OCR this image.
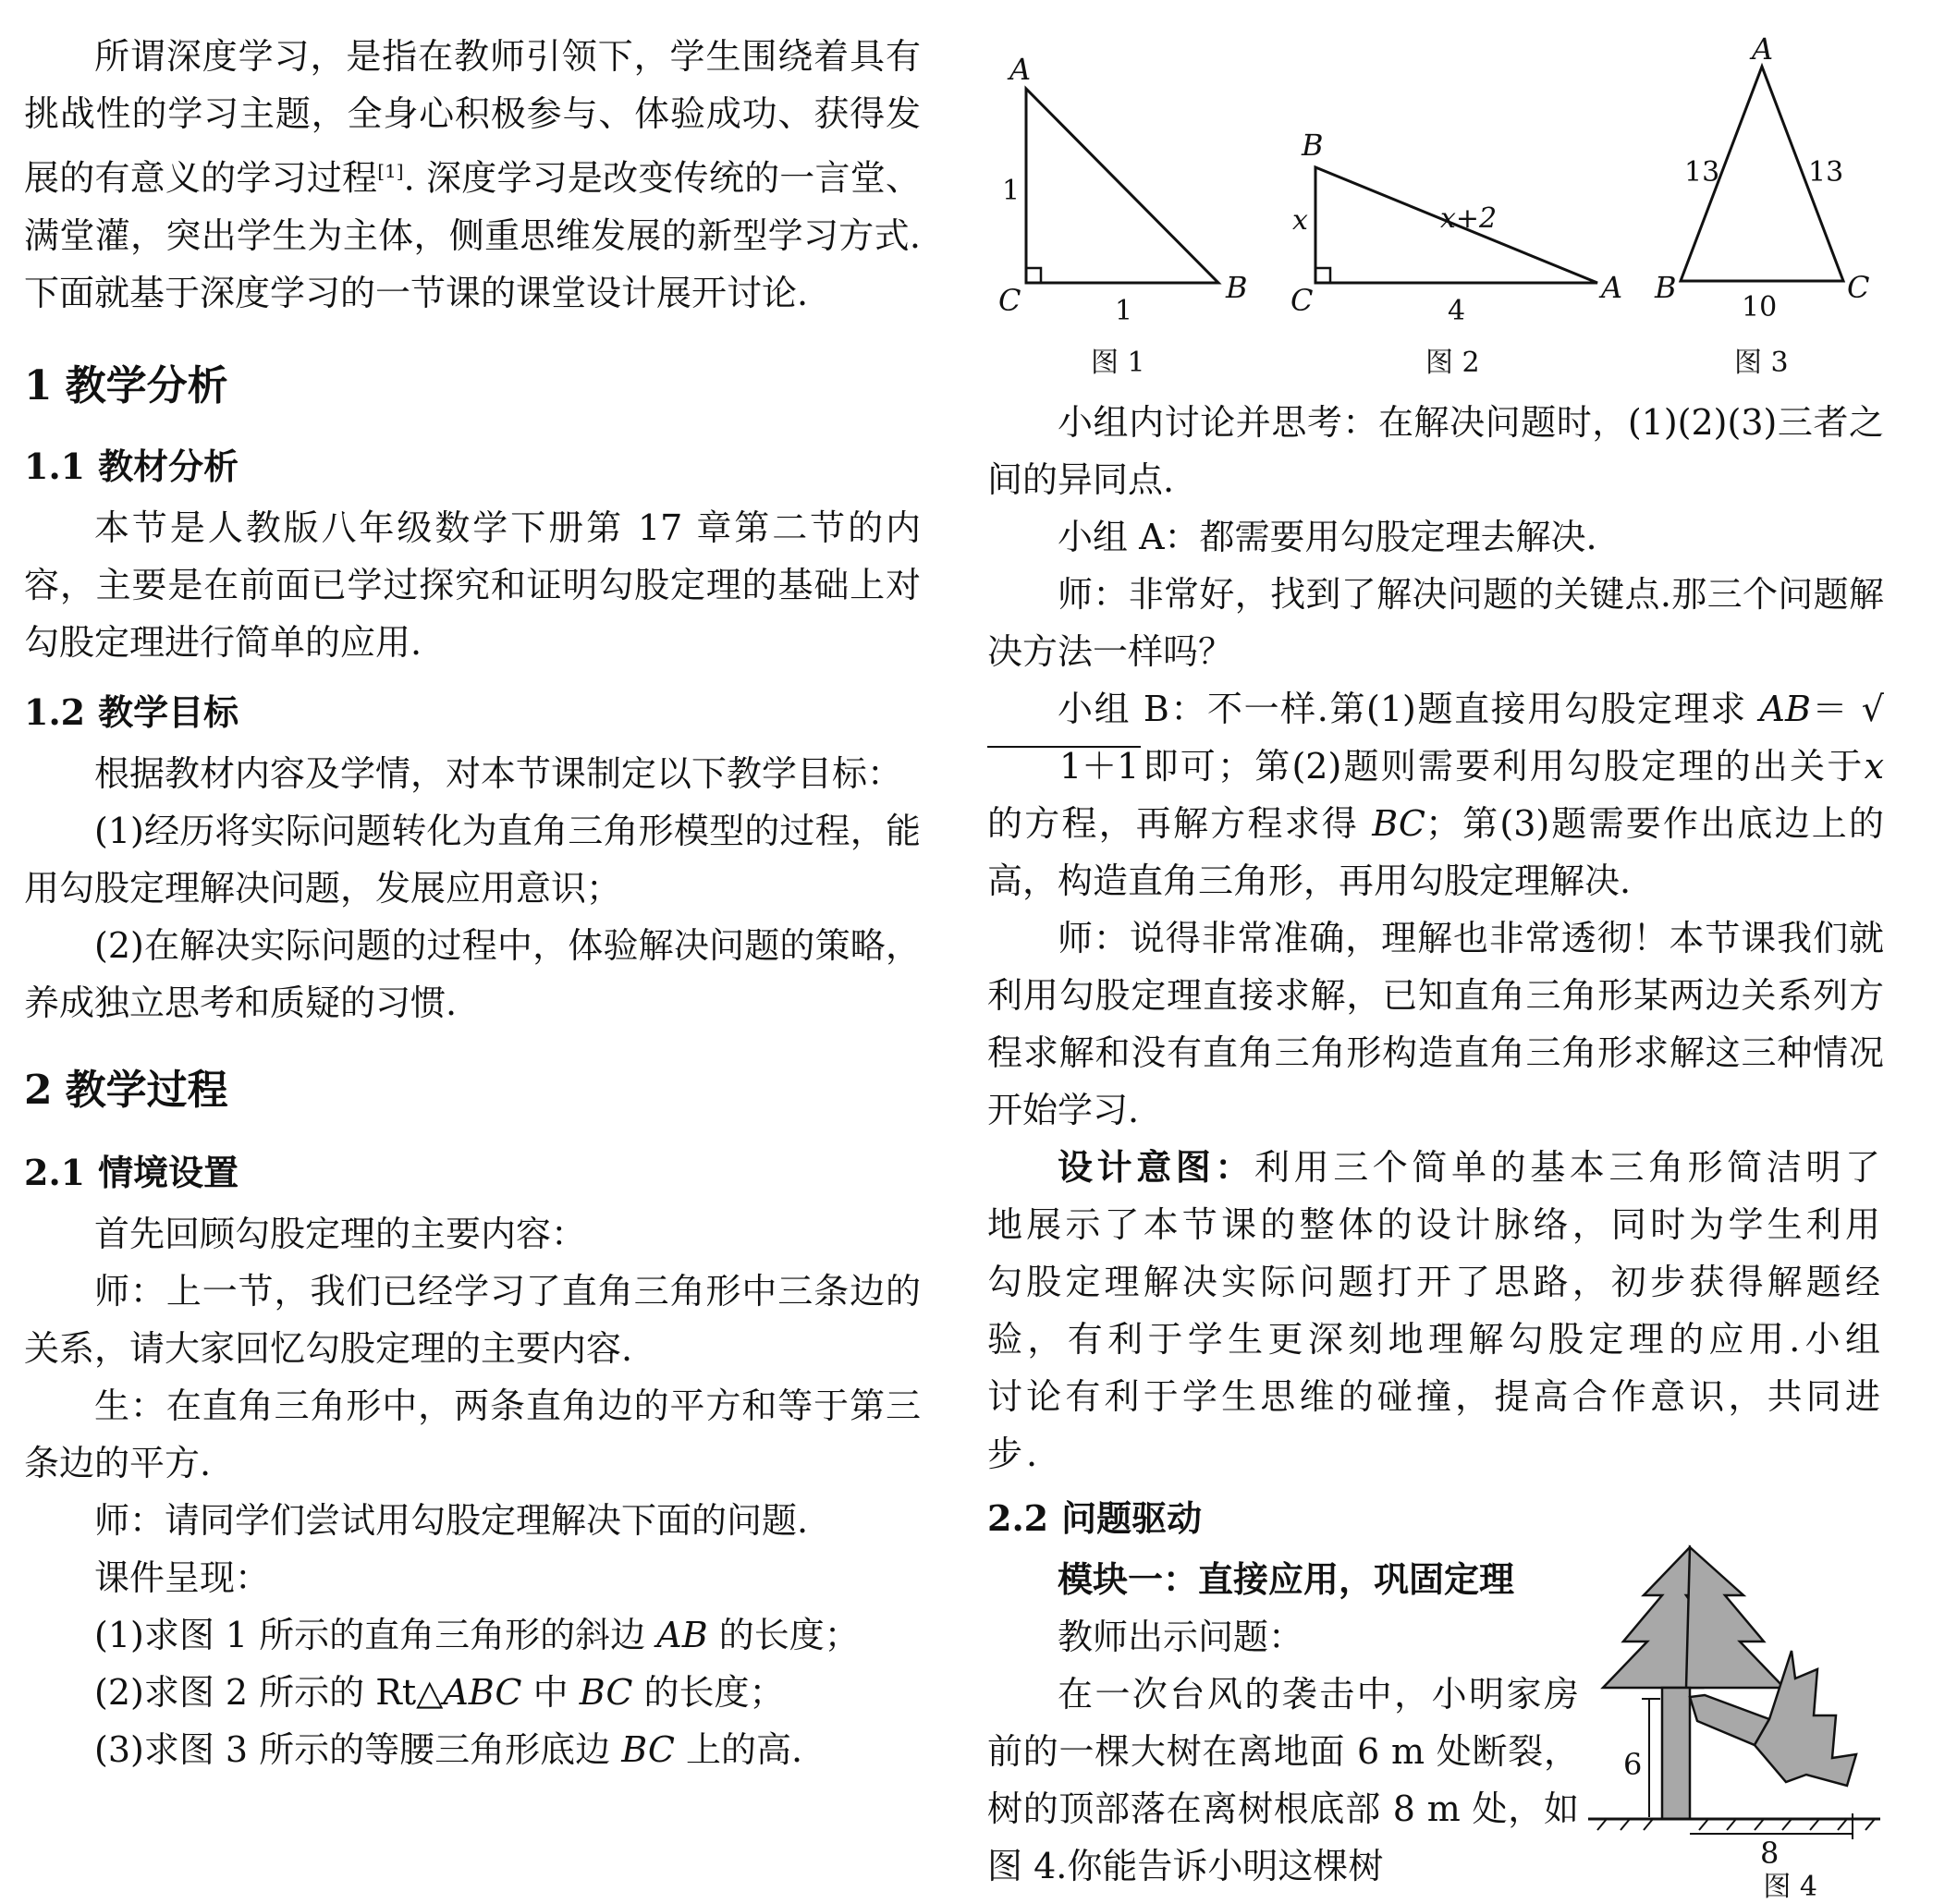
所谓深度学习，是指在教师引领下，学生围绕着具有挑战性的学习主题，全身心积极参与、体验成功、获得发展的有意义的学习过程[1]. 深度学习是改变传统的一言堂、满堂灌，突出学生为主体，侧重思维发展的新型学习方式.下面就基于深度学习的一节课的课堂设计展开讨论.

1 教学分析
1.1 教材分析

本节是人教版八年级数学下册第 17 章第二节的内容，主要是在前面已学过探究和证明勾股定理的基础上对勾股定理进行简单的应用.

1.2 教学目标

根据教材内容及学情，对本节课制定以下教学目标：

(1)经历将实际问题转化为直角三角形模型的过程，能用勾股定理解决问题，发展应用意识；

(2)在解决实际问题的过程中，体验解决问题的策略，养成独立思考和质疑的习惯.

2 教学过程
2.1 情境设置

首先回顾勾股定理的主要内容：

师：上一节，我们已经学习了直角三角形中三条边的关系，请大家回忆勾股定理的主要内容.

生：在直角三角形中，两条直角边的平方和等于第三条边的平方.

师：请同学们尝试用勾股定理解决下面的问题.

课件呈现：

(1)求图 1 所示的直角三角形的斜边 AB 的长度；

(2)求图 2 所示的 Rt△ABC 中 BC 的长度；

(3)求图 3 所示的等腰三角形底边 BC 上的高.

A
C	B
1
1
图 1
B
C	A
x	x+2
4
图 2
A
B	C
13	13
10
图 3

小组内讨论并思考：在解决问题时，(1)(2)(3)三者之间的异同点.

小组 A：都需要用勾股定理去解决.

师：非常好，找到了解决问题的关键点.那三个问题解决方法一样吗？

小组 B：不一样.第(1)题直接用勾股定理求 AB＝ √1＋1即可；第(2)题则需要利用勾股定理的出关于x 的方程，再解方程求得 BC；第(3)题需要作出底边上的高，构造直角三角形，再用勾股定理解决.

师：说得非常准确，理解也非常透彻！本节课我们就利用勾股定理直接求解，已知直角三角形某两边关系列方程求解和没有直角三角形构造直角三角形求解这三种情况开始学习.

设计意图：利用三个简单的基本三角形简洁明了地展示了本节课的整体的设计脉络，同时为学生利用勾股定理解决实际问题打开了思路，初步获得解题经验，有利于学生更深刻地理解勾股定理的应用.小组讨论有利于学生思维的碰撞，提高合作意识，共同进步.

2.2 问题驱动

模块一：直接应用，巩固定理

教师出示问题：

在一次台风的袭击中，小明家房前的一棵大树在离地面 6 m 处断裂，树的顶部落在离树根底部 8 m 处，如图 4.你能告诉小明这棵树

6
8
图 4
